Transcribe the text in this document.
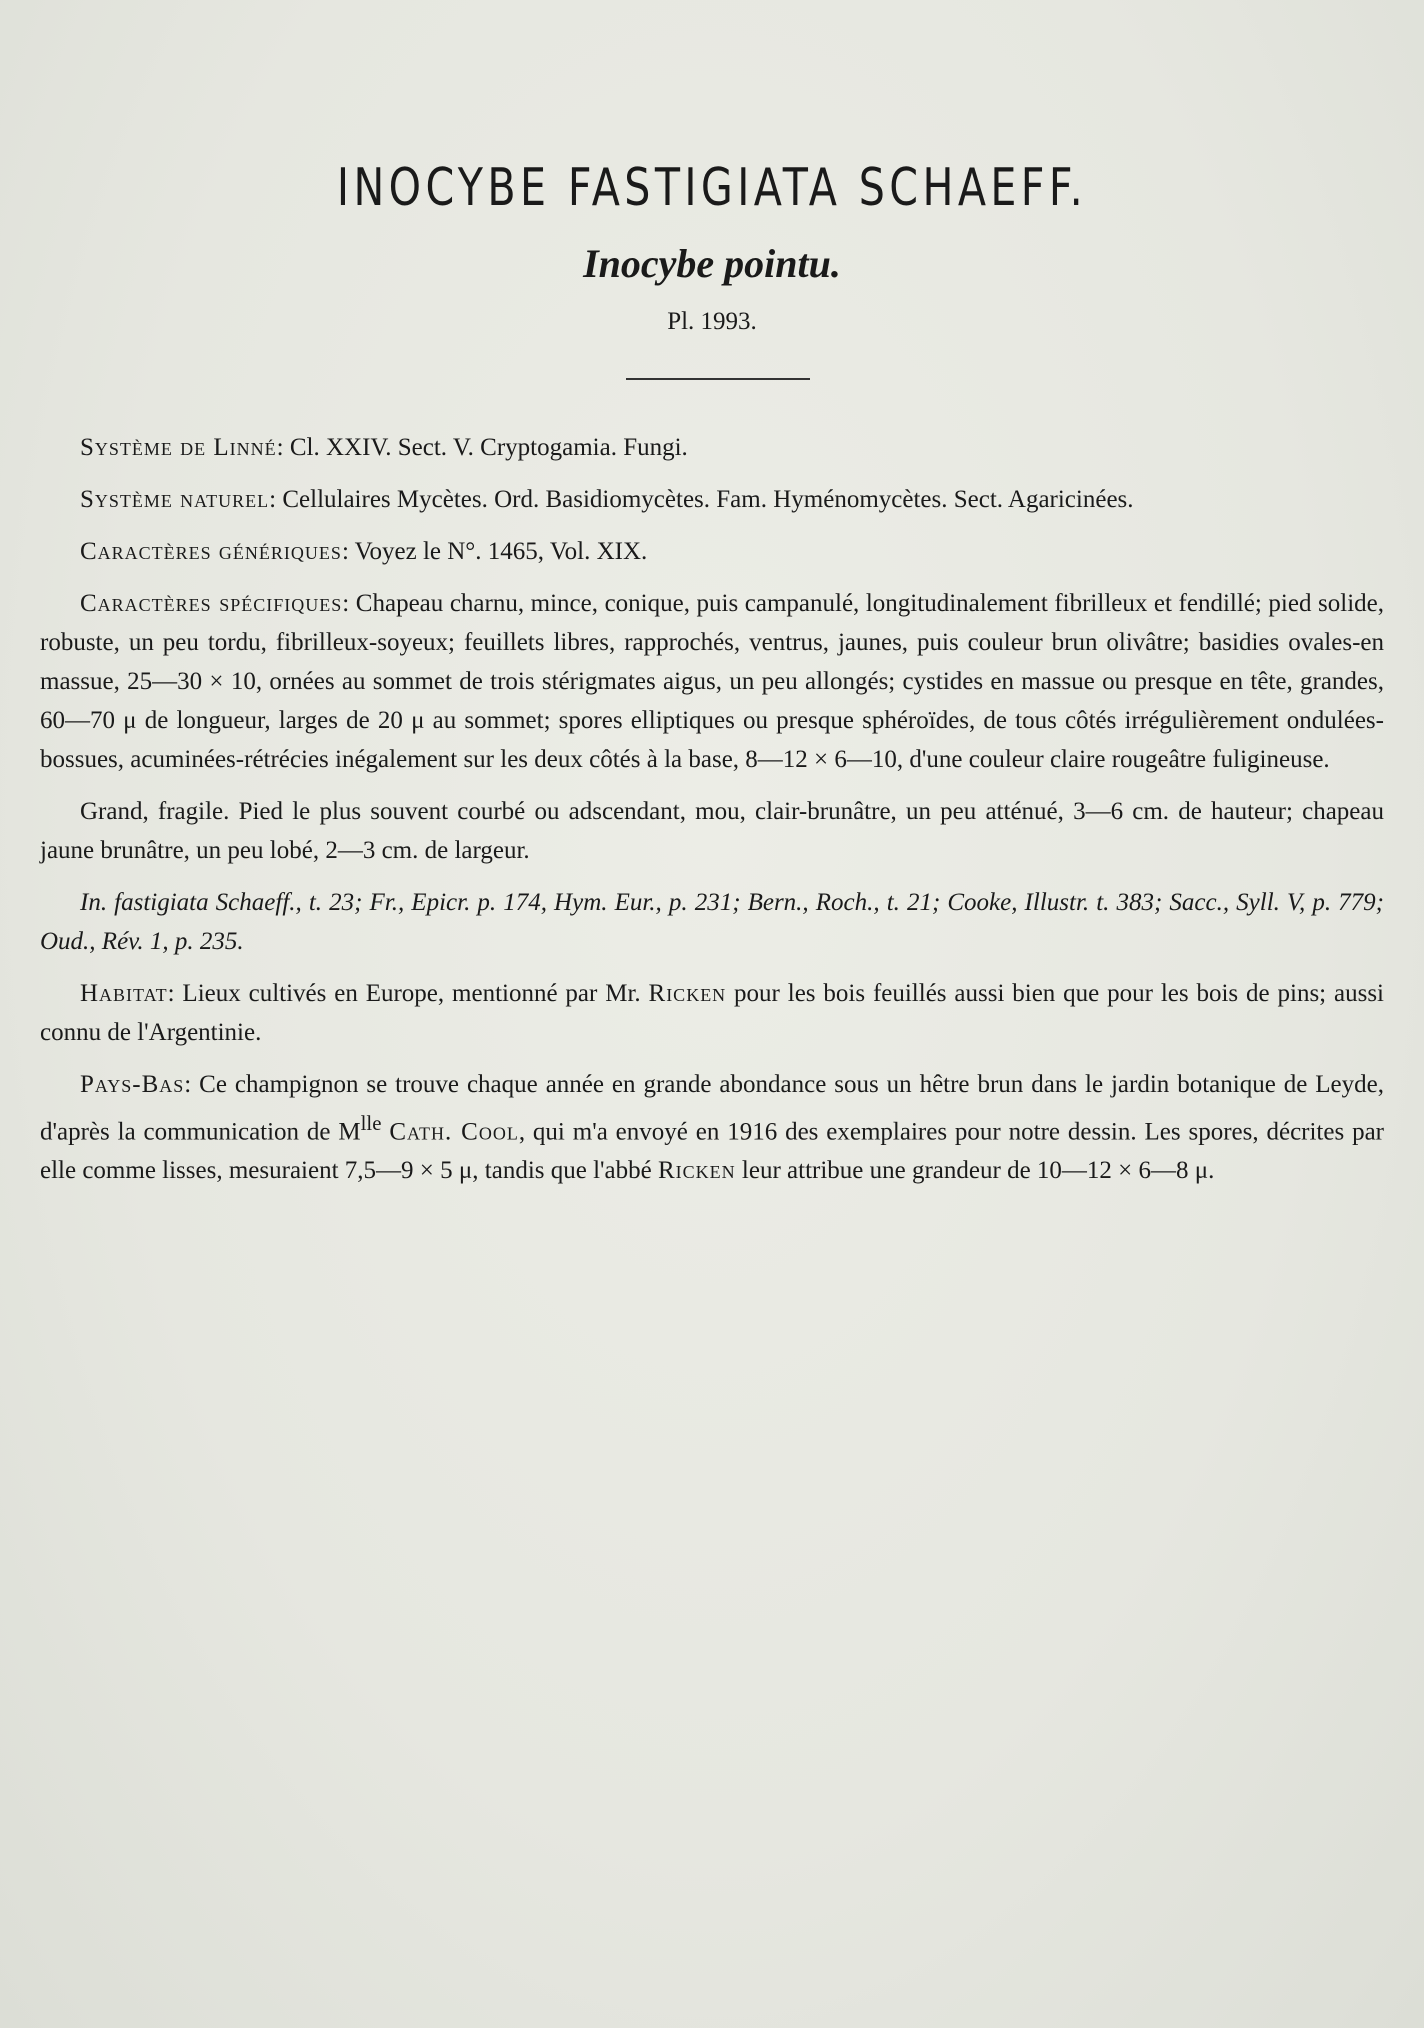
INOCYBE FASTIGIATA SCHAEFF.
Inocybe pointu.
Pl. 1993.

Système de Linné: Cl. XXIV. Sect. V. Cryptogamia. Fungi.

Système naturel: Cellulaires Mycètes. Ord. Basidiomycètes. Fam. Hyménomycètes. Sect. Agaricinées.

Caractères génériques: Voyez le N°. 1465, Vol. XIX.

Caractères spécifiques: Chapeau charnu, mince, conique, puis campanulé, longitudinalement fibrilleux et fendillé; pied solide, robuste, un peu tordu, fibrilleux-soyeux; feuillets libres, rapprochés, ventrus, jaunes, puis couleur brun olivâtre; basidies ovales-en massue, 25—30 × 10, ornées au sommet de trois stérigmates aigus, un peu allongés; cystides en massue ou presque en tête, grandes, 60—70 μ de longueur, larges de 20 μ au sommet; spores elliptiques ou presque sphéroïdes, de tous côtés irrégulièrement ondulées-bossues, acuminées-rétrécies inégalement sur les deux côtés à la base, 8—12 × 6—10, d'une couleur claire rougeâtre fuligineuse.

Grand, fragile. Pied le plus souvent courbé ou adscendant, mou, clair-brunâtre, un peu atténué, 3—6 cm. de hauteur; chapeau jaune brunâtre, un peu lobé, 2—3 cm. de largeur.

In. fastigiata Schaeff., t. 23; Fr., Epicr. p. 174, Hym. Eur., p. 231; Bern., Roch., t. 21; Cooke, Illustr. t. 383; Sacc., Syll. V, p. 779; Oud., Rév. 1, p. 235.

Habitat: Lieux cultivés en Europe, mentionné par Mr. Ricken pour les bois feuillés aussi bien que pour les bois de pins; aussi connu de l'Argentinie.

Pays-Bas: Ce champignon se trouve chaque année en grande abondance sous un hêtre brun dans le jardin botanique de Leyde, d'après la communication de $M^{lle}$ Cath. Cool, qui m'a envoyé en 1916 des exemplaires pour notre dessin. Les spores, décrites par elle comme lisses, mesuraient 7,5—9 × 5 μ, tandis que l'abbé Ricken leur attribue une grandeur de 10—12 × 6—8 μ.
